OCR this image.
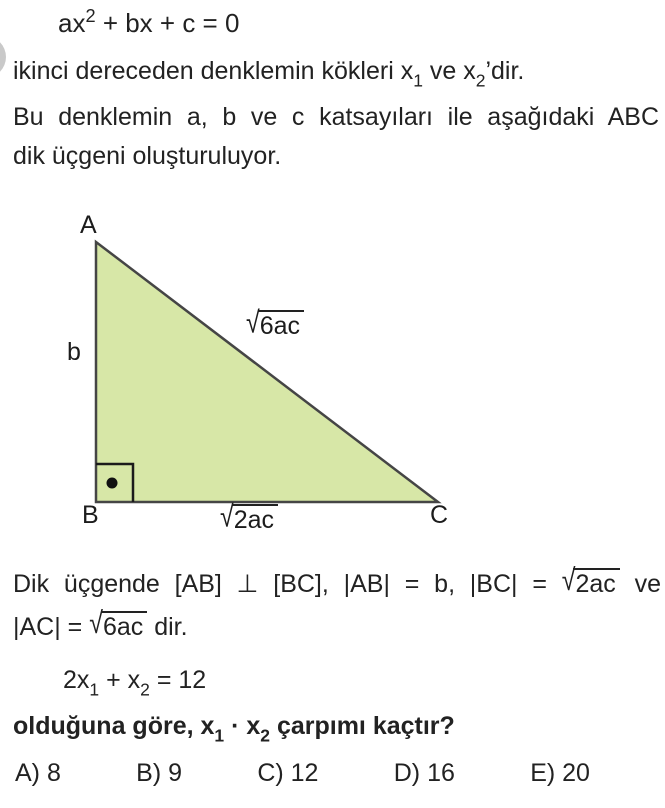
$ax^2$ + bx + c = 0
ikinci dereceden denklemin kökleri $x_1$ ve $x_2’dir$.
Bu denklemin a, b ve c katsayıları ile aşağıdaki ABC
dik üçgeni oluşturuluyor.
A
B	C
b
√6ac
√2ac
Dik üçgende [AB] ⊥ [BC], |AB| = b, |BC| = √2ac ve
|AC| = √6ac dir.
$2x_1 + x_2 = 12$
olduğuna göre, $x_1 \cdot x_2$ çarpımı kaçtır?
A) 8	B) 9	C) 12	D) 16	E) 20
